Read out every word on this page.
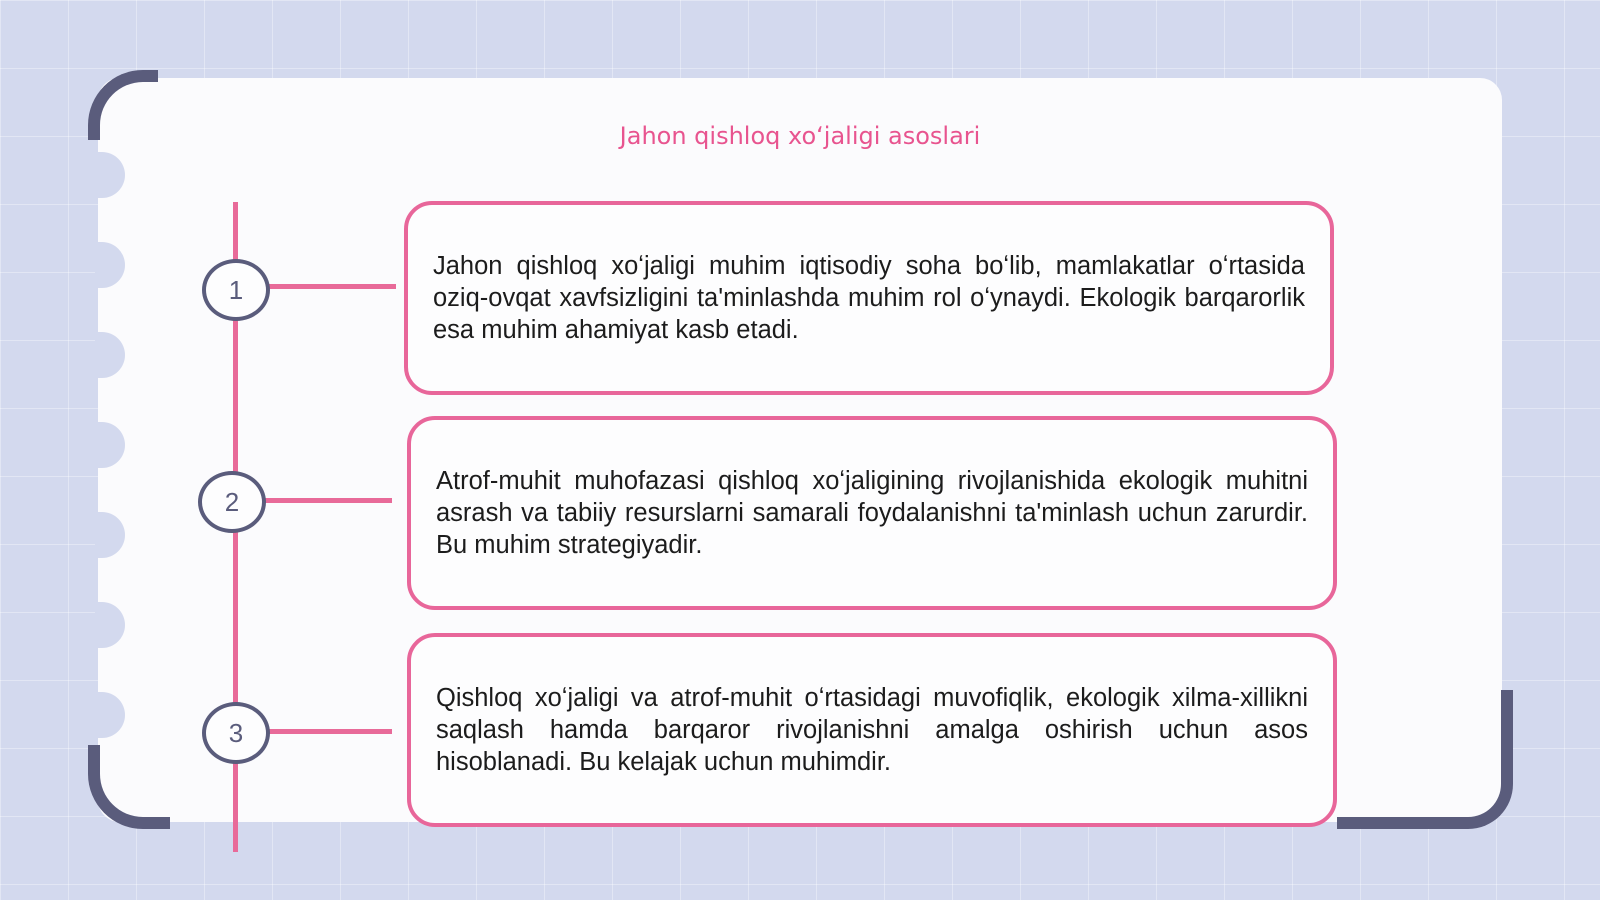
Jahon qishloq xoʻjaligi asoslari
1
2
3

Jahon qishloq xoʻjaligi muhim iqtisodiy soha boʻlib, mamlakatlar oʻrtasida oziq-ovqat xavfsizligini ta'minlashda muhim rol oʻynaydi. Ekologik barqarorlik esa muhim ahamiyat kasb etadi.

Atrof-muhit muhofazasi qishloq xoʻjaligining rivojlanishida ekologik muhitni asrash va tabiiy resurslarni samarali foydalanishni ta'minlash uchun zarurdir. Bu muhim strategiyadir.

Qishloq xoʻjaligi va atrof-muhit oʻrtasidagi muvofiqlik, ekologik xilma-xillikni saqlash hamda barqaror rivojlanishni amalga oshirish uchun asos hisoblanadi. Bu kelajak uchun muhimdir.
